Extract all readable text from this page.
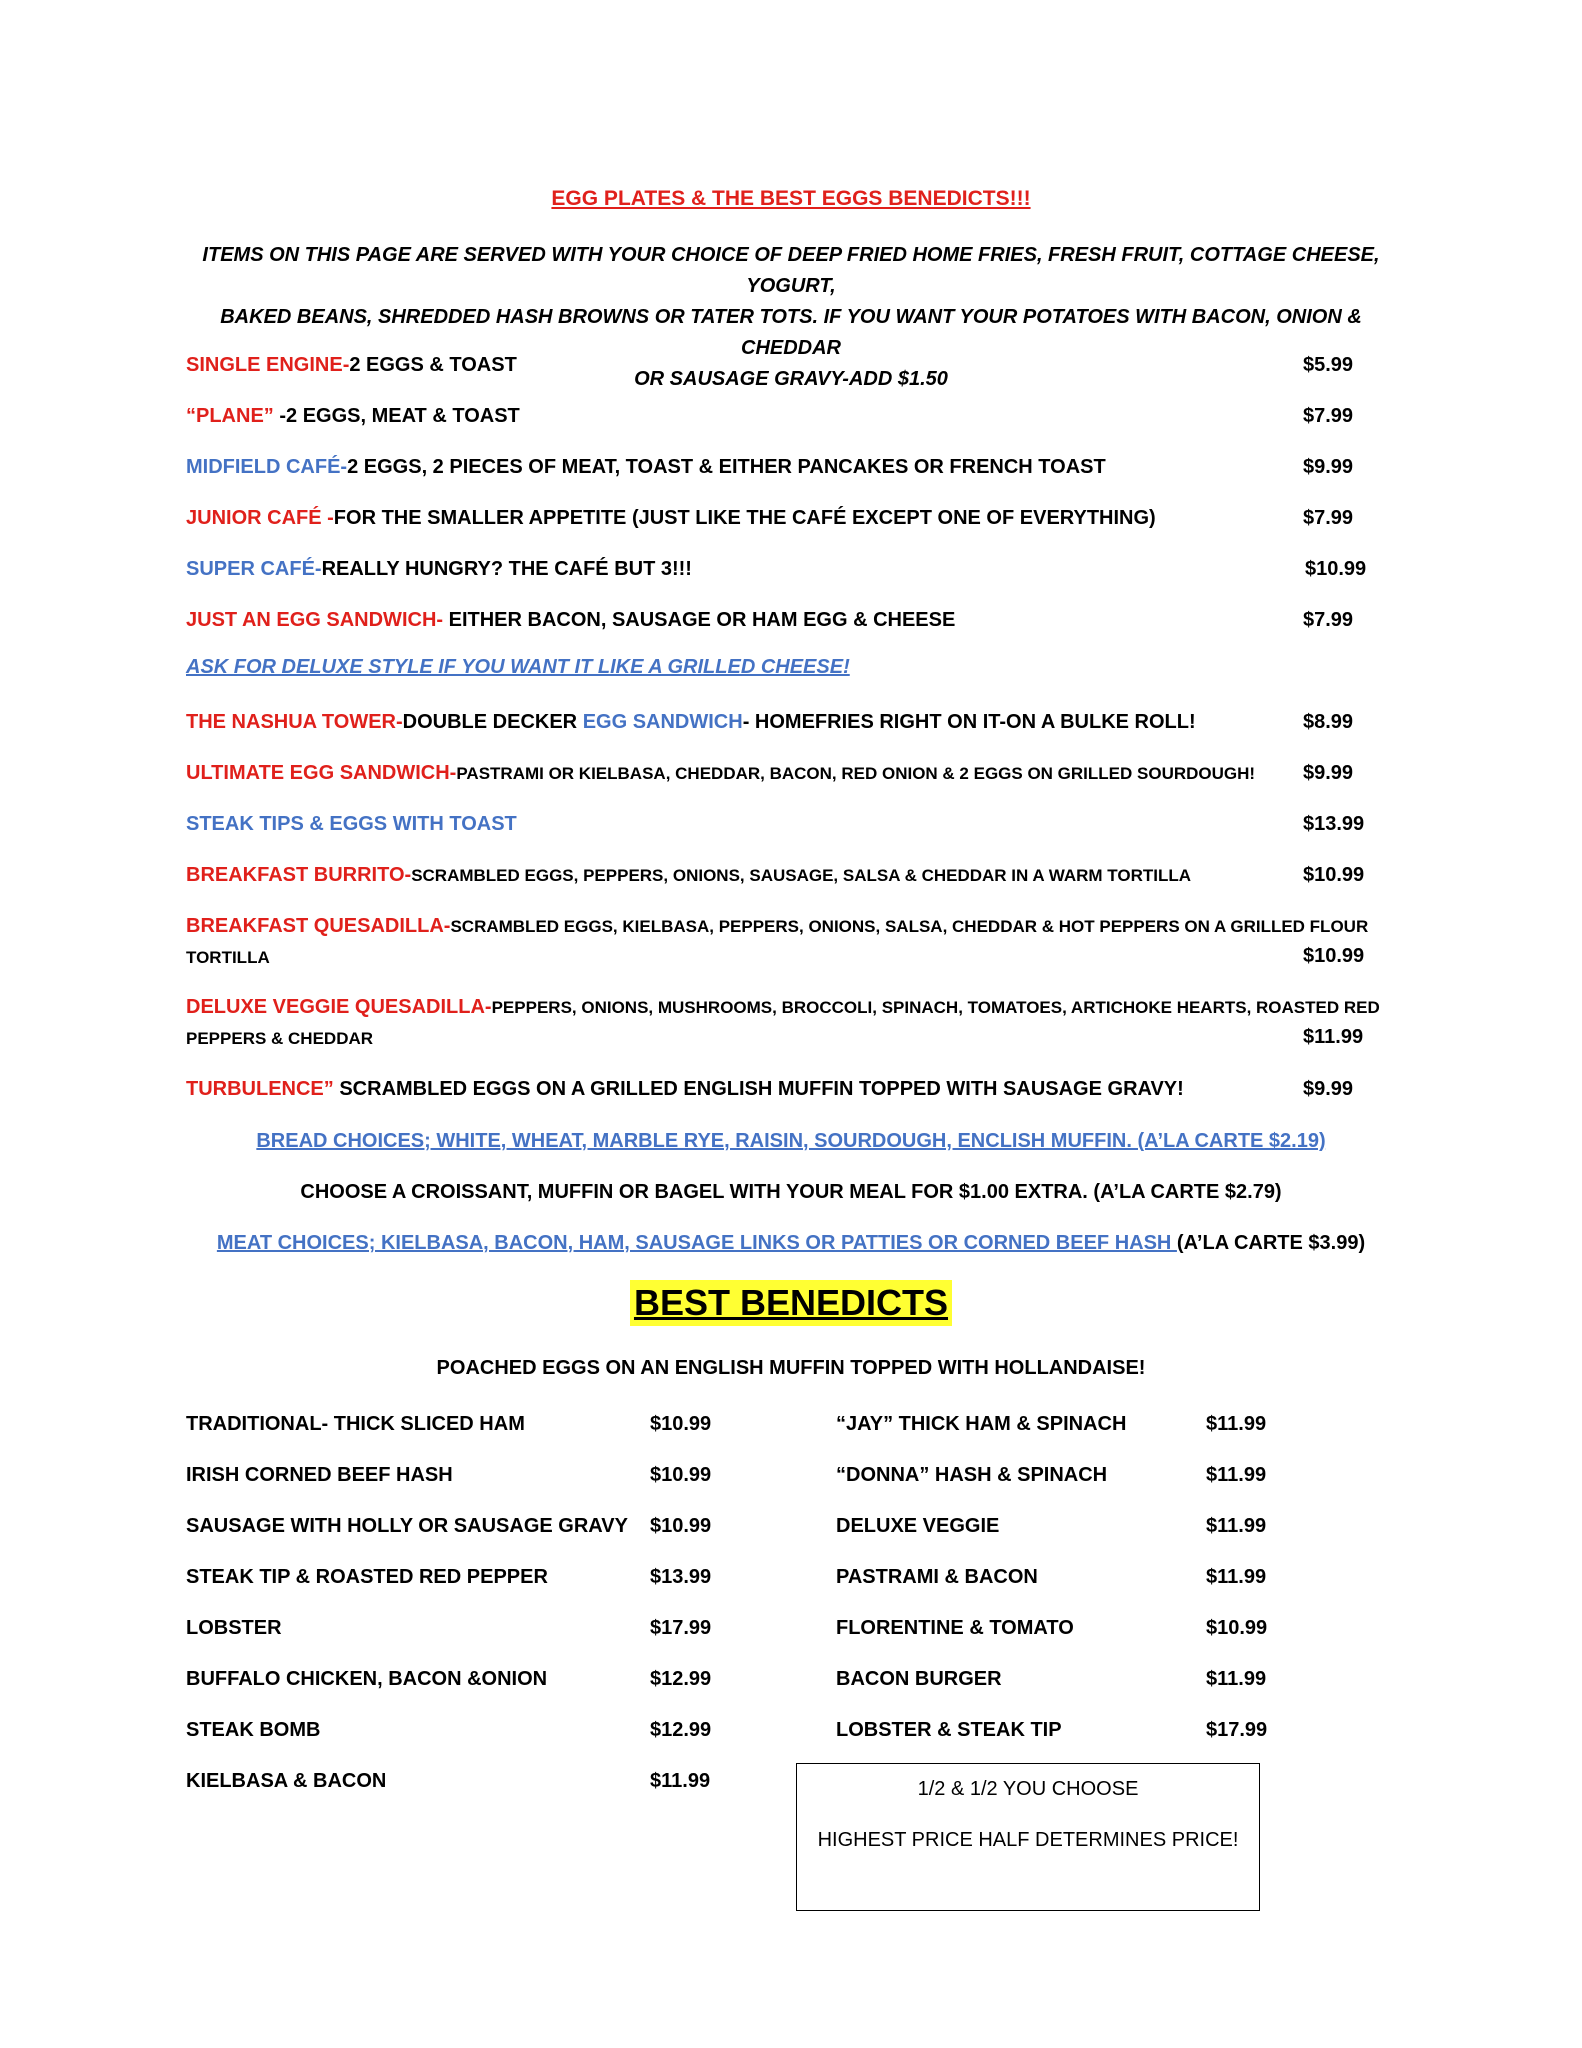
EGG PLATES & THE BEST EGGS BENEDICTS!!!
ITEMS ON THIS PAGE ARE SERVED WITH YOUR CHOICE OF DEEP FRIED HOME FRIES, FRESH FRUIT, COTTAGE CHEESE, YOGURT,
BAKED BEANS, SHREDDED HASH BROWNS OR TATER TOTS. IF YOU WANT YOUR POTATOES WITH BACON, ONION & CHEDDAR
OR SAUSAGE GRAVY-ADD $1.50
SINGLE ENGINE-2 EGGS & TOAST	$5.99
“PLANE” -2 EGGS, MEAT & TOAST	$7.99
MIDFIELD CAFÉ-2 EGGS, 2 PIECES OF MEAT, TOAST & EITHER PANCAKES OR FRENCH TOAST	$9.99
JUNIOR CAFÉ -FOR THE SMALLER APPETITE (JUST LIKE THE CAFÉ EXCEPT ONE OF EVERYTHING)	$7.99
SUPER CAFÉ-REALLY HUNGRY? THE CAFÉ BUT 3!!!	$10.99
JUST AN EGG SANDWICH- EITHER BACON, SAUSAGE OR HAM EGG & CHEESE	$7.99
ASK FOR DELUXE STYLE IF YOU WANT IT LIKE A GRILLED CHEESE!
THE NASHUA TOWER-DOUBLE DECKER EGG SANDWICH- HOMEFRIES RIGHT ON IT-ON A BULKE ROLL!	$8.99
ULTIMATE EGG SANDWICH-PASTRAMI OR KIELBASA, CHEDDAR, BACON, RED ONION & 2 EGGS ON GRILLED SOURDOUGH! $9.99
STEAK TIPS & EGGS WITH TOAST	$13.99
BREAKFAST BURRITO-SCRAMBLED EGGS, PEPPERS, ONIONS, SAUSAGE, SALSA & CHEDDAR IN A WARM TORTILLA	$10.99
BREAKFAST QUESADILLA-SCRAMBLED EGGS, KIELBASA, PEPPERS, ONIONS, SALSA, CHEDDAR & HOT PEPPERS ON A GRILLED FLOUR
TORTILLA	$10.99
DELUXE VEGGIE QUESADILLA-PEPPERS, ONIONS, MUSHROOMS, BROCCOLI, SPINACH, TOMATOES, ARTICHOKE HEARTS, ROASTED RED
PEPPERS & CHEDDAR	$11.99
TURBULENCE” SCRAMBLED EGGS ON A GRILLED ENGLISH MUFFIN TOPPED WITH SAUSAGE GRAVY!	$9.99
BREAD CHOICES; WHITE, WHEAT, MARBLE RYE, RAISIN, SOURDOUGH, ENCLISH MUFFIN. (A’LA CARTE $2.19)
CHOOSE A CROISSANT, MUFFIN OR BAGEL WITH YOUR MEAL FOR $1.00 EXTRA. (A’LA CARTE $2.79)
MEAT CHOICES; KIELBASA, BACON, HAM, SAUSAGE LINKS OR PATTIES OR CORNED BEEF HASH (A’LA CARTE $3.99)
BEST BENEDICTS
POACHED EGGS ON AN ENGLISH MUFFIN TOPPED WITH HOLLANDAISE!
TRADITIONAL- THICK SLICED HAM	$10.99
IRISH CORNED BEEF HASH	$10.99
SAUSAGE WITH HOLLY OR SAUSAGE GRAVY $10.99
STEAK TIP & ROASTED RED PEPPER	$13.99
LOBSTER	$17.99
BUFFALO CHICKEN, BACON &ONION	$12.99
STEAK BOMB	$12.99
KIELBASA & BACON	$11.99
“JAY” THICK HAM & SPINACH	$11.99
“DONNA” HASH & SPINACH	$11.99
DELUXE VEGGIE	$11.99
PASTRAMI & BACON	$11.99
FLORENTINE & TOMATO	$10.99
BACON BURGER	$11.99
LOBSTER & STEAK TIP	$17.99
1/2 & 1/2 YOU CHOOSE
HIGHEST PRICE HALF DETERMINES PRICE!
